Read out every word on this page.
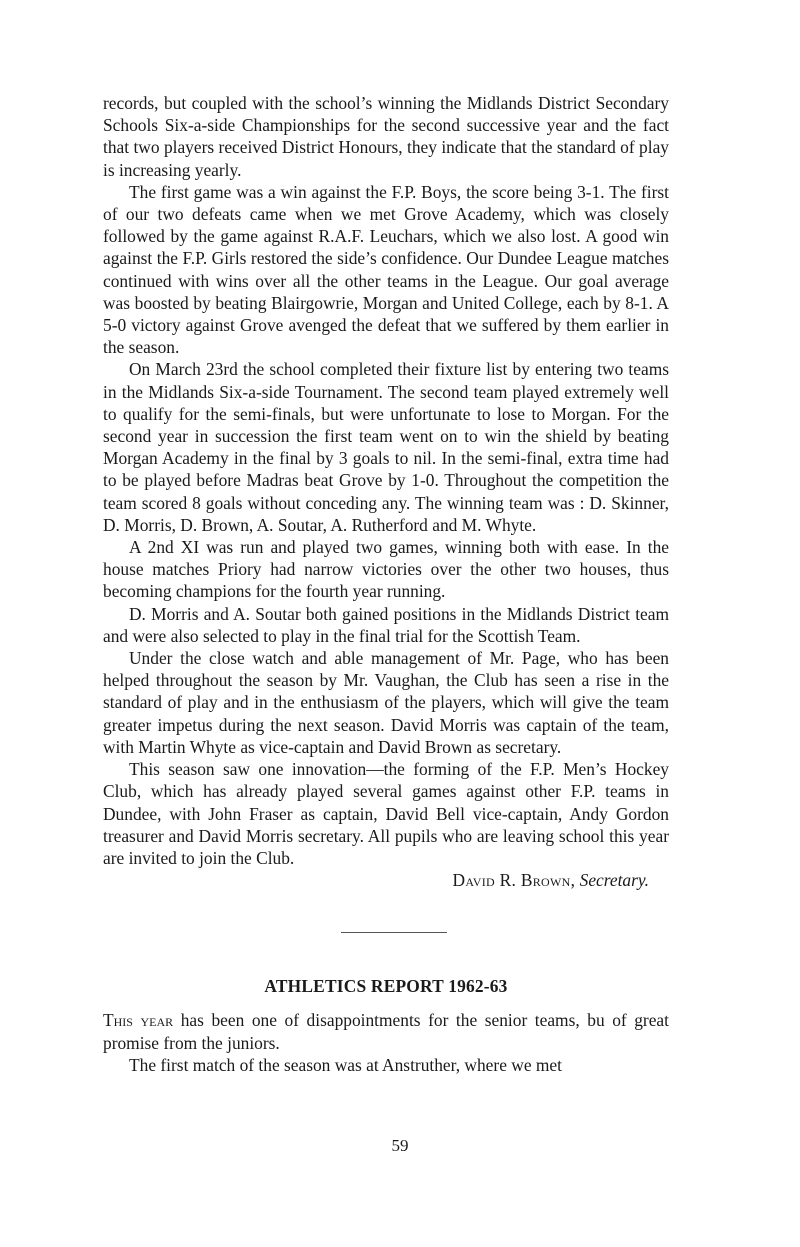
records, but coupled with the school’s winning the Midlands District Secondary Schools Six-a-side Championships for the second successive year and the fact that two players received District Honours, they indicate that the standard of play is increasing yearly.

The first game was a win against the F.P. Boys, the score being 3-1. The first of our two defeats came when we met Grove Academy, which was closely followed by the game against R.A.F. Leuchars, which we also lost. A good win against the F.P. Girls restored the side’s confidence. Our Dundee League matches continued with wins over all the other teams in the League. Our goal average was boosted by beating Blairgowrie, Morgan and United College, each by 8-1. A 5-0 victory against Grove avenged the defeat that we suffered by them earlier in the season.

On March 23rd the school completed their fixture list by entering two teams in the Midlands Six-a-side Tournament. The second team played extremely well to qualify for the semi-finals, but were unfortunate to lose to Morgan. For the second year in succession the first team went on to win the shield by beating Morgan Academy in the final by 3 goals to nil. In the semi-final, extra time had to be played before Madras beat Grove by 1-0. Throughout the competition the team scored 8 goals without conceding any. The winning team was : D. Skinner, D. Morris, D. Brown, A. Soutar, A. Rutherford and M. Whyte.

A 2nd XI was run and played two games, winning both with ease. In the house matches Priory had narrow victories over the other two houses, thus becoming champions for the fourth year running.

D. Morris and A. Soutar both gained positions in the Midlands District team and were also selected to play in the final trial for the Scottish Team.

Under the close watch and able management of Mr. Page, who has been helped throughout the season by Mr. Vaughan, the Club has seen a rise in the standard of play and in the enthusiasm of the players, which will give the team greater impetus during the next season. David Morris was captain of the team, with Martin Whyte as vice-captain and David Brown as secretary.

This season saw one innovation—the forming of the F.P. Men’s Hockey Club, which has already played several games against other F.P. teams in Dundee, with John Fraser as captain, David Bell vice-captain, Andy Gordon treasurer and David Morris secretary. All pupils who are leaving school this year are invited to join the Club.

David R. Brown, Secretary.

ATHLETICS REPORT 1962-63

This year has been one of disappointments for the senior teams, bu of great promise from the juniors.

The first match of the season was at Anstruther, where we met

59
